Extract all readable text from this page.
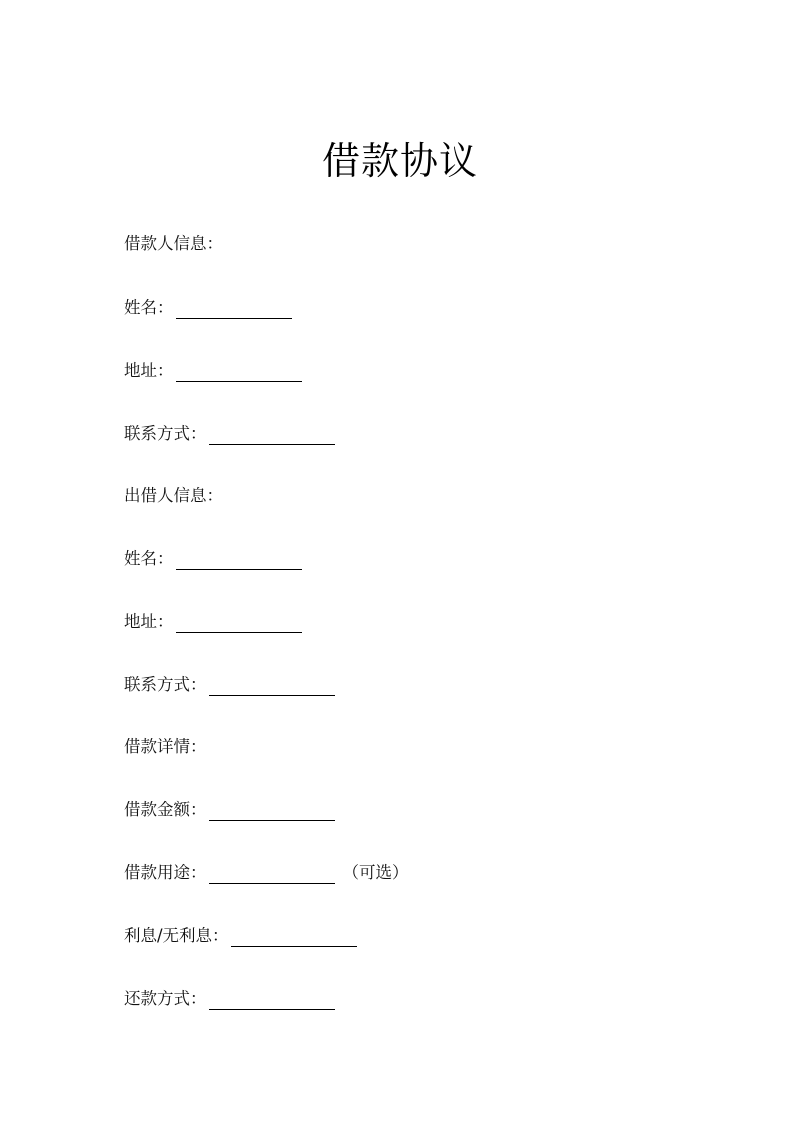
借款协议
借款人信息：
姓名：
地址：
联系方式：
出借人信息：
姓名：
地址：
联系方式：
借款详情：
借款金额：
借款用途：	（可选）
利息/无利息：
还款方式：
